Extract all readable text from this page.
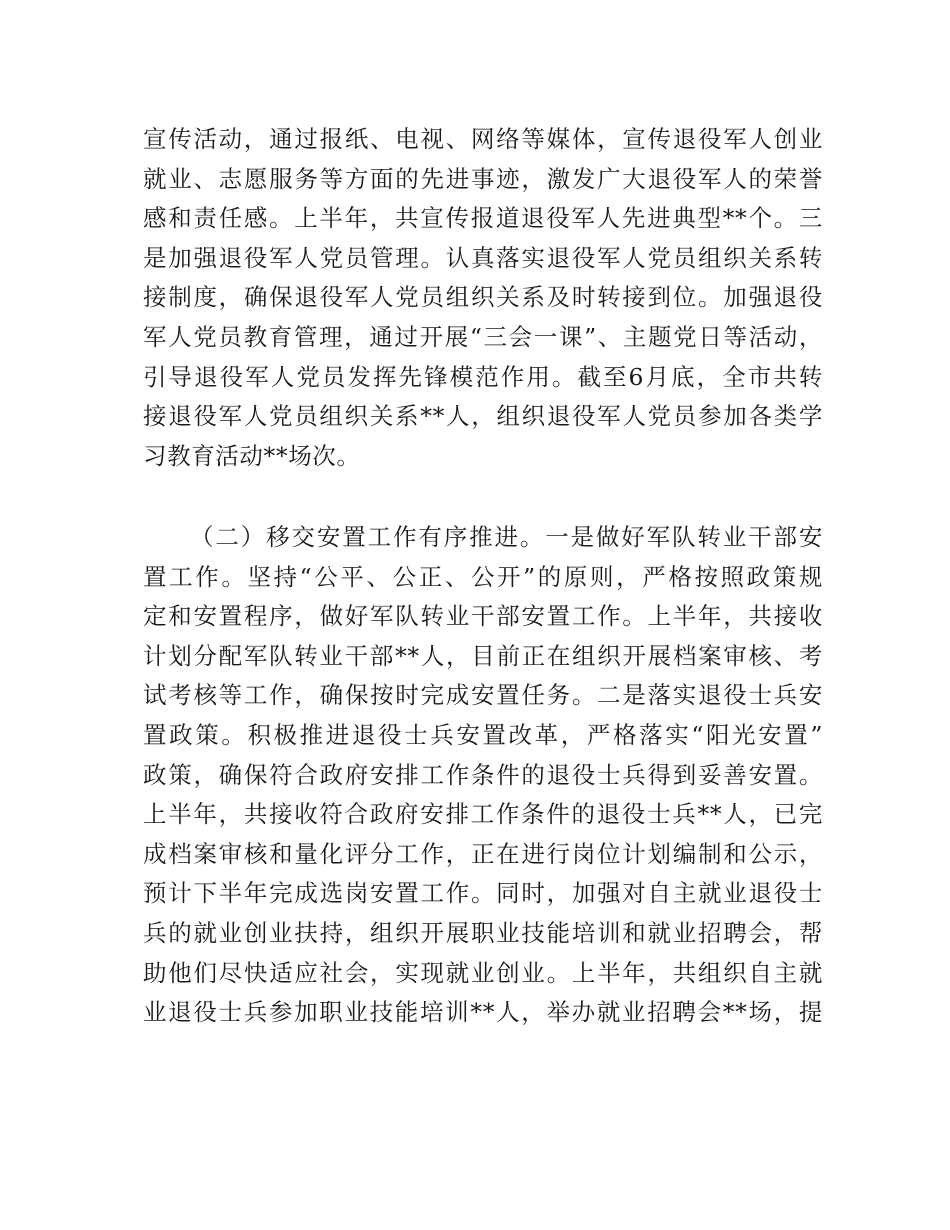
宣传活动，通过报纸、电视、网络等媒体，宣传退役军人创业
就业、志愿服务等方面的先进事迹，激发广大退役军人的荣誉
感和责任感。上半年，共宣传报道退役军人先进典型**个。三
是加强退役军人党员管理。认真落实退役军人党员组织关系转
接制度，确保退役军人党员组织关系及时转接到位。加强退役
军人党员教育管理，通过开展“三会一课”、主题党日等活动，
引导退役军人党员发挥先锋模范作用。截至6月底，全市共转
接退役军人党员组织关系**人，组织退役军人党员参加各类学
习教育活动**场次。
（二）移交安置工作有序推进。一是做好军队转业干部安
置工作。坚持“公平、公正、公开”的原则，严格按照政策规
定和安置程序，做好军队转业干部安置工作。上半年，共接收
计划分配军队转业干部**人，目前正在组织开展档案审核、考
试考核等工作，确保按时完成安置任务。二是落实退役士兵安
置政策。积极推进退役士兵安置改革，严格落实“阳光安置”
政策，确保符合政府安排工作条件的退役士兵得到妥善安置。
上半年，共接收符合政府安排工作条件的退役士兵**人，已完
成档案审核和量化评分工作，正在进行岗位计划编制和公示，
预计下半年完成选岗安置工作。同时，加强对自主就业退役士
兵的就业创业扶持，组织开展职业技能培训和就业招聘会，帮
助他们尽快适应社会，实现就业创业。上半年，共组织自主就
业退役士兵参加职业技能培训**人，举办就业招聘会**场，提
